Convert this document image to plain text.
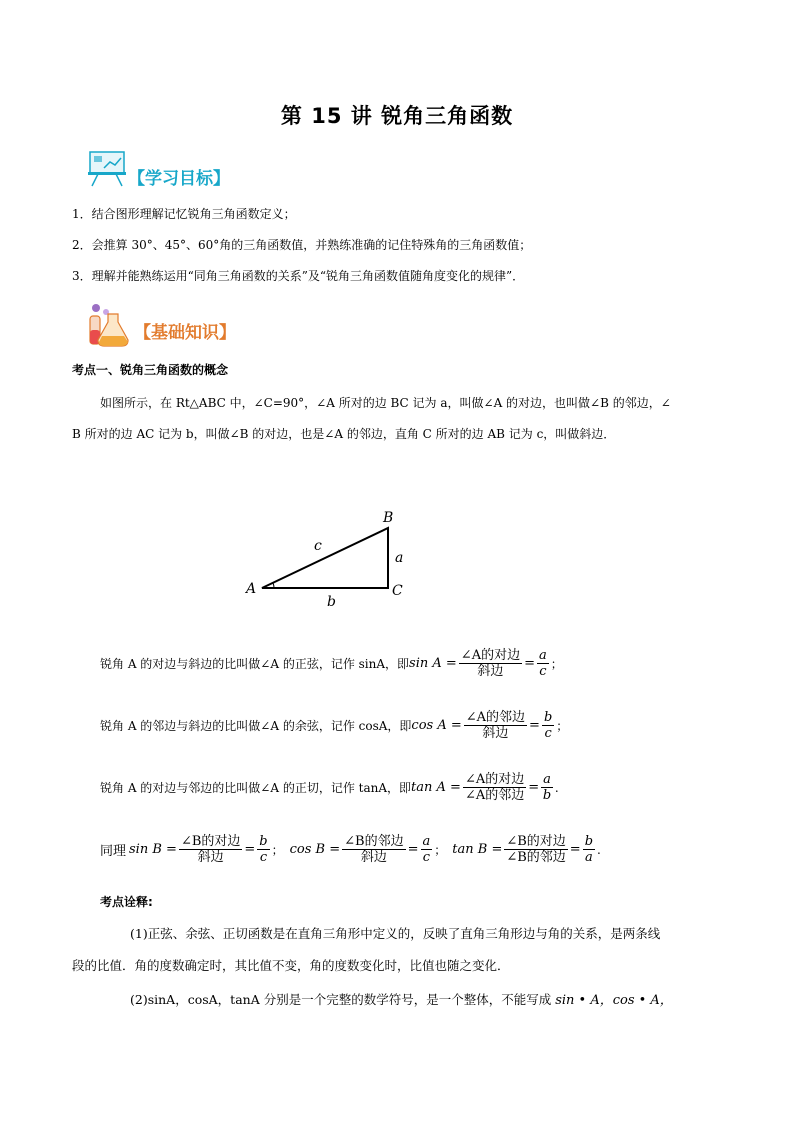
第 15 讲 锐角三角函数
【学习目标】
1．结合图形理解记忆锐角三角函数定义；
2．会推算 30°、45°、60°角的三角函数值，并熟练准确的记住特殊角的三角函数值；
3．理解并能熟练运用“同角三角函数的关系”及“锐角三角函数值随角度变化的规律”．
【基础知识】
考点一、锐角三角函数的概念
如图所示，在 Rt△ABC 中，∠C=90°，∠A 所对的边 BC 记为 a，叫做∠A 的对边，也叫做∠B 的邻边，∠
B 所对的边 AC 记为 b，叫做∠B 的对边，也是∠A 的邻边，直角 C 所对的边 AB 记为 c，叫做斜边．
A
B
C
a
b
c
锐角 A 的对边与斜边的比叫做∠A 的正弦，记作 sinA，即 $\sin A = \frac{\text{∠A的对边}}{\text{斜边}} = \frac{a}{c}$ ；
锐角 A 的邻边与斜边的比叫做∠A 的余弦，记作 cosA，即 $\cos A = \frac{\text{∠A的邻边}}{\text{斜边}} = \frac{b}{c}$ ；
锐角 A 的对边与邻边的比叫做∠A 的正切，记作 tanA，即 $\tan A = \frac{\text{∠A的对边}}{\text{∠A的邻边}} = \frac{a}{b}$ .
同理 $\sin B = \frac{\text{∠B的对边}}{\text{斜边}} = \frac{b}{c}$ ； $\cos B = \frac{\text{∠B的邻边}}{\text{斜边}} = \frac{a}{c}$ ； $\tan B = \frac{\text{∠B的对边}}{\text{∠B的邻边}} = \frac{b}{a}$ .
考点诠释:
(1)正弦、余弦、正切函数是在直角三角形中定义的，反映了直角三角形边与角的关系，是两条线
段的比值．角的度数确定时，其比值不变，角的度数变化时，比值也随之变化．
(2)sinA，cosA，tanA 分别是一个完整的数学符号，是一个整体，不能写成 sin • A，cos • A，
